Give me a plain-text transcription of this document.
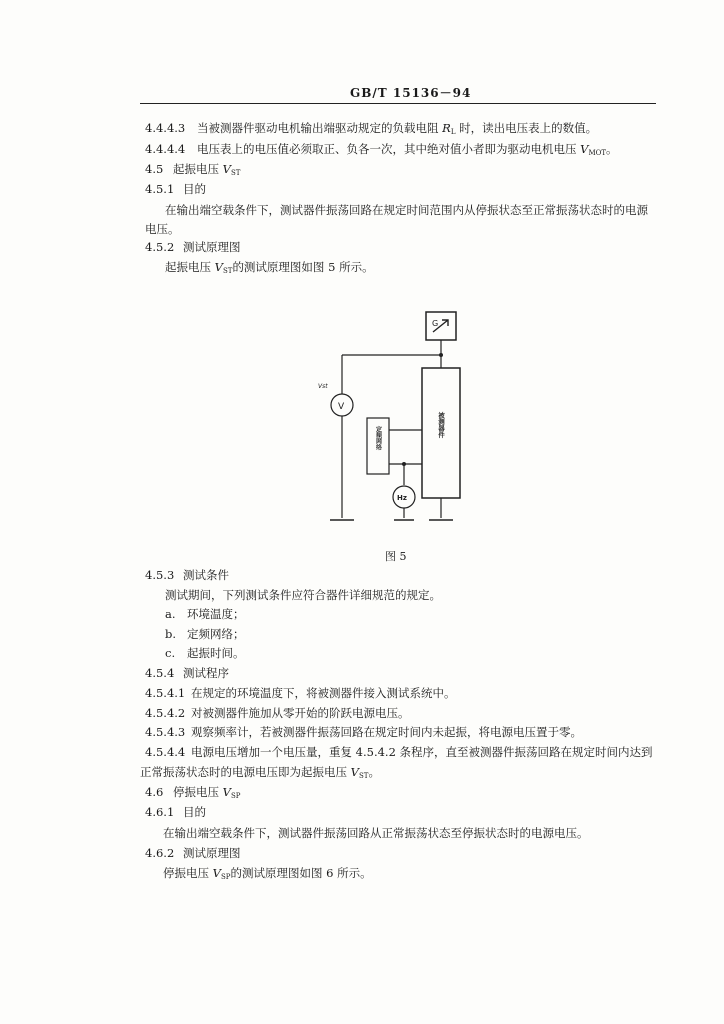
GB/T 15136－94
4.4.4.3 当被测器件驱动电机输出端驱动规定的负载电阻 $R_L$ 时，读出电压表上的数值。
4.4.4.4 电压表上的电压值必须取正、负各一次，其中绝对值小者即为驱动电机电压 $V_{MOT}$。
4.5 起振电压 $V_{ST}$
4.5.1 目的
在输出端空载条件下，测试器件振荡回路在规定时间范围内从停振状态至正常振荡状态时的电源
电压。
4.5.2 测试原理图
起振电压 $V_{ST}$的测试原理图如图 5 所示。
G
Vst
V
Hz
定频网络	被测器件
图 5
4.5.3 测试条件
测试期间，下列测试条件应符合器件详细规范的规定。
a. 环境温度；
b. 定频网络；
c. 起振时间。
4.5.4 测试程序
4.5.4.1 在规定的环境温度下，将被测器件接入测试系统中。
4.5.4.2 对被测器件施加从零开始的阶跃电源电压。
4.5.4.3 观察频率计，若被测器件振荡回路在规定时间内未起振，将电源电压置于零。
4.5.4.4 电源电压增加一个电压量，重复 4.5.4.2 条程序，直至被测器件振荡回路在规定时间内达到
正常振荡状态时的电源电压即为起振电压 $V_{ST}$。
4.6 停振电压 $V_{SP}$
4.6.1 目的
在输出端空载条件下，测试器件振荡回路从正常振荡状态至停振状态时的电源电压。
4.6.2 测试原理图
停振电压 $V_{SP}$的测试原理图如图 6 所示。
